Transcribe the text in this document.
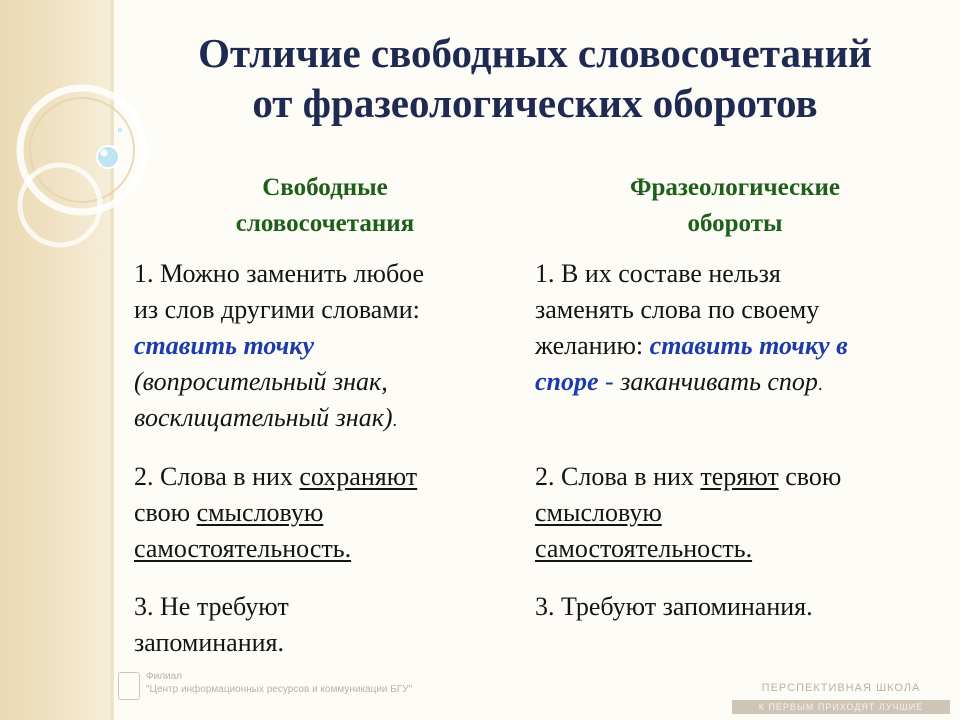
Отличие свободных словосочетаний
от фразеологических оборотов
Свободные
словосочетания
Фразеологические
обороты
1. Можно заменить любое
из слов другими словами:
ставить точку
(вопросительный знак,
восклицательный знак).
1. В их составе нельзя
заменять слова по своему
желанию: ставить точку в
споре - заканчивать спор.
2. Слова в них сохраняют
свою смысловую
самостоятельность.
2. Слова в них теряют свою
смысловую
самостоятельность.
3. Не требуют
запоминания.
3. Требуют запоминания.
Филиал
"Центр информационных ресурсов и коммуникации БГУ"	ПЕРСПЕКТИВНАЯ ШКОЛА
К ПЕРВЫМ ПРИХОДЯТ ЛУЧШИЕ
